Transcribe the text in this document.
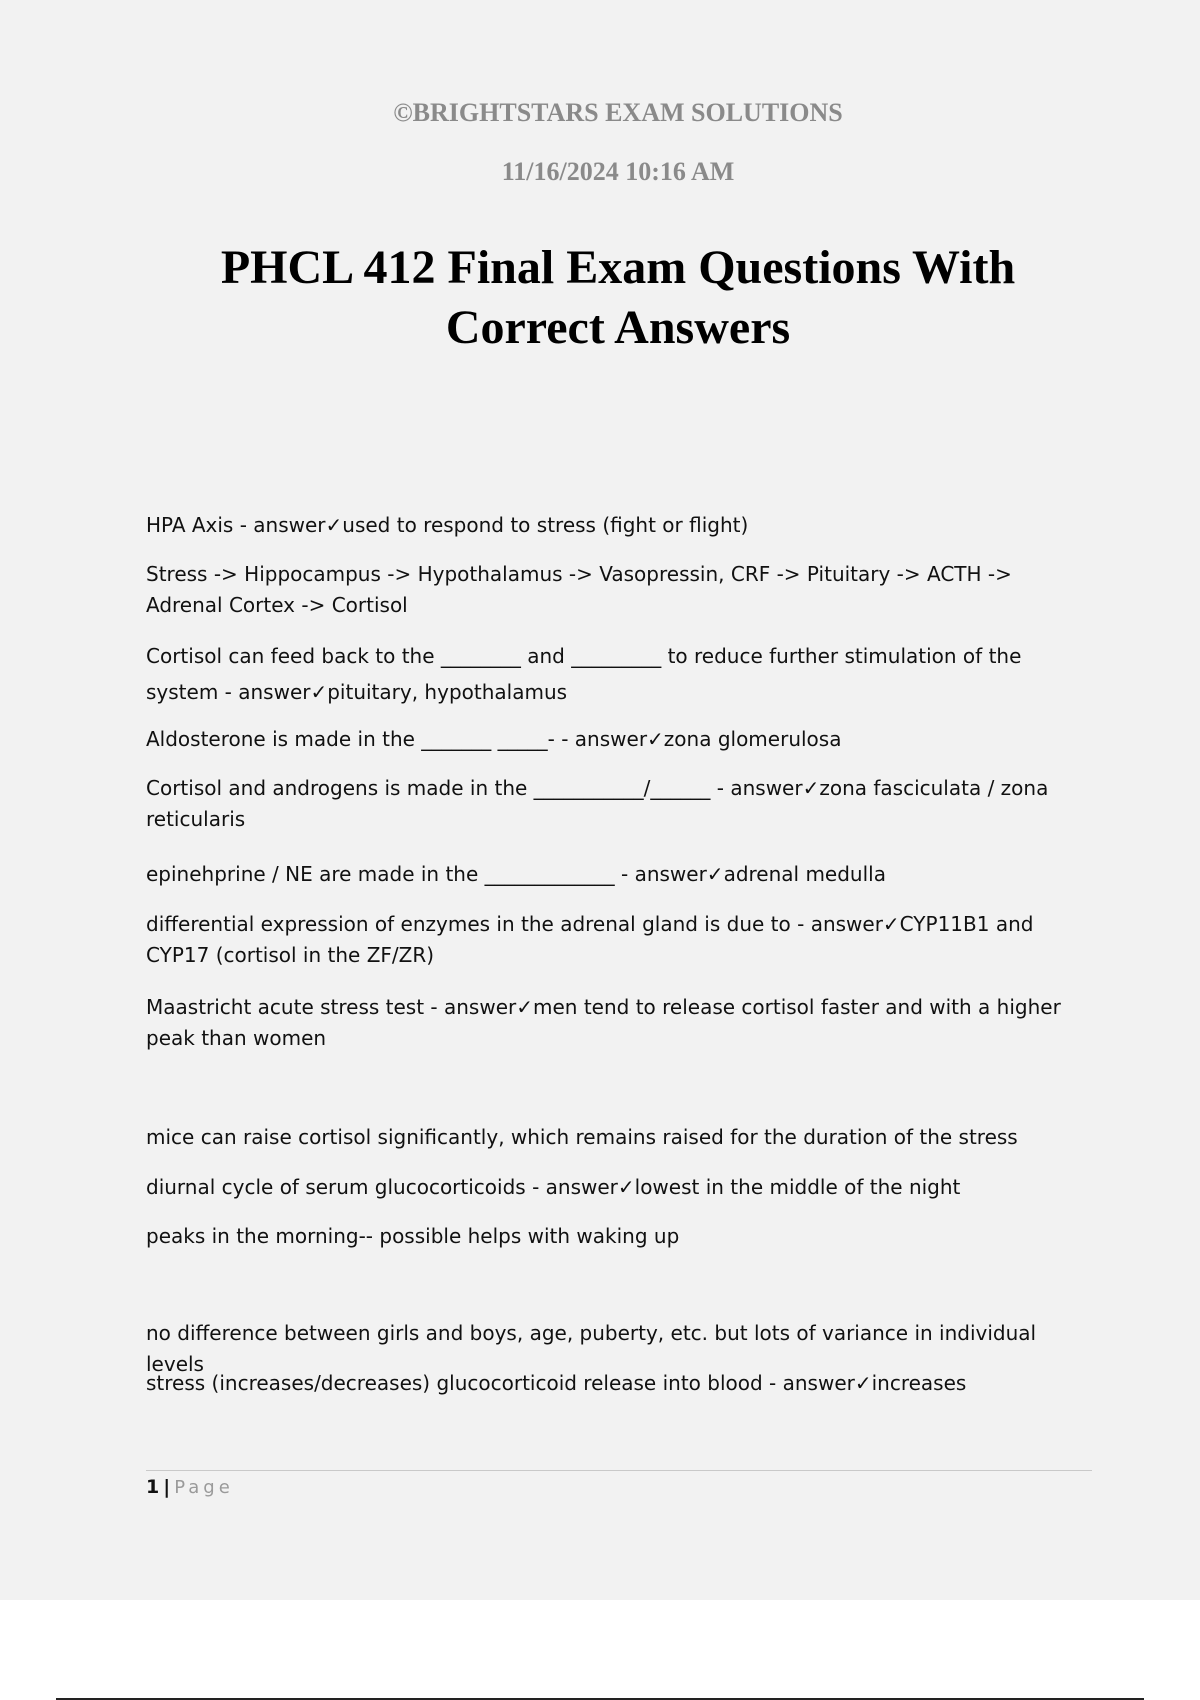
©BRIGHTSTARS EXAM SOLUTIONS

11/16/2024 10:16 AM

PHCL 412 Final Exam Questions With
Correct Answers

HPA Axis - answer✓used to respond to stress (fight or flight)

Stress -> Hippocampus -> Hypothalamus -> Vasopressin, CRF -> Pituitary -> ACTH -> Adrenal Cortex -> Cortisol

Cortisol can feed back to the ________ and _________ to reduce further stimulation of the system - answer✓pituitary, hypothalamus

Aldosterone is made in the _______ _____- - answer✓zona glomerulosa

Cortisol and androgens is made in the ___________/______ - answer✓zona fasciculata / zona reticularis

epinehprine / NE are made in the _____________ - answer✓adrenal medulla

differential expression of enzymes in the adrenal gland is due to - answer✓CYP11B1 and CYP17 (cortisol in the ZF/ZR)

Maastricht acute stress test - answer✓men tend to release cortisol faster and with a higher peak than women

mice can raise cortisol significantly, which remains raised for the duration of the stress

diurnal cycle of serum glucocorticoids - answer✓lowest in the middle of the night

peaks in the morning-- possible helps with waking up

no difference between girls and boys, age, puberty, etc. but lots of variance in individual levels

stress (increases/decreases) glucocorticoid release into blood - answer✓increases

1 | Page
